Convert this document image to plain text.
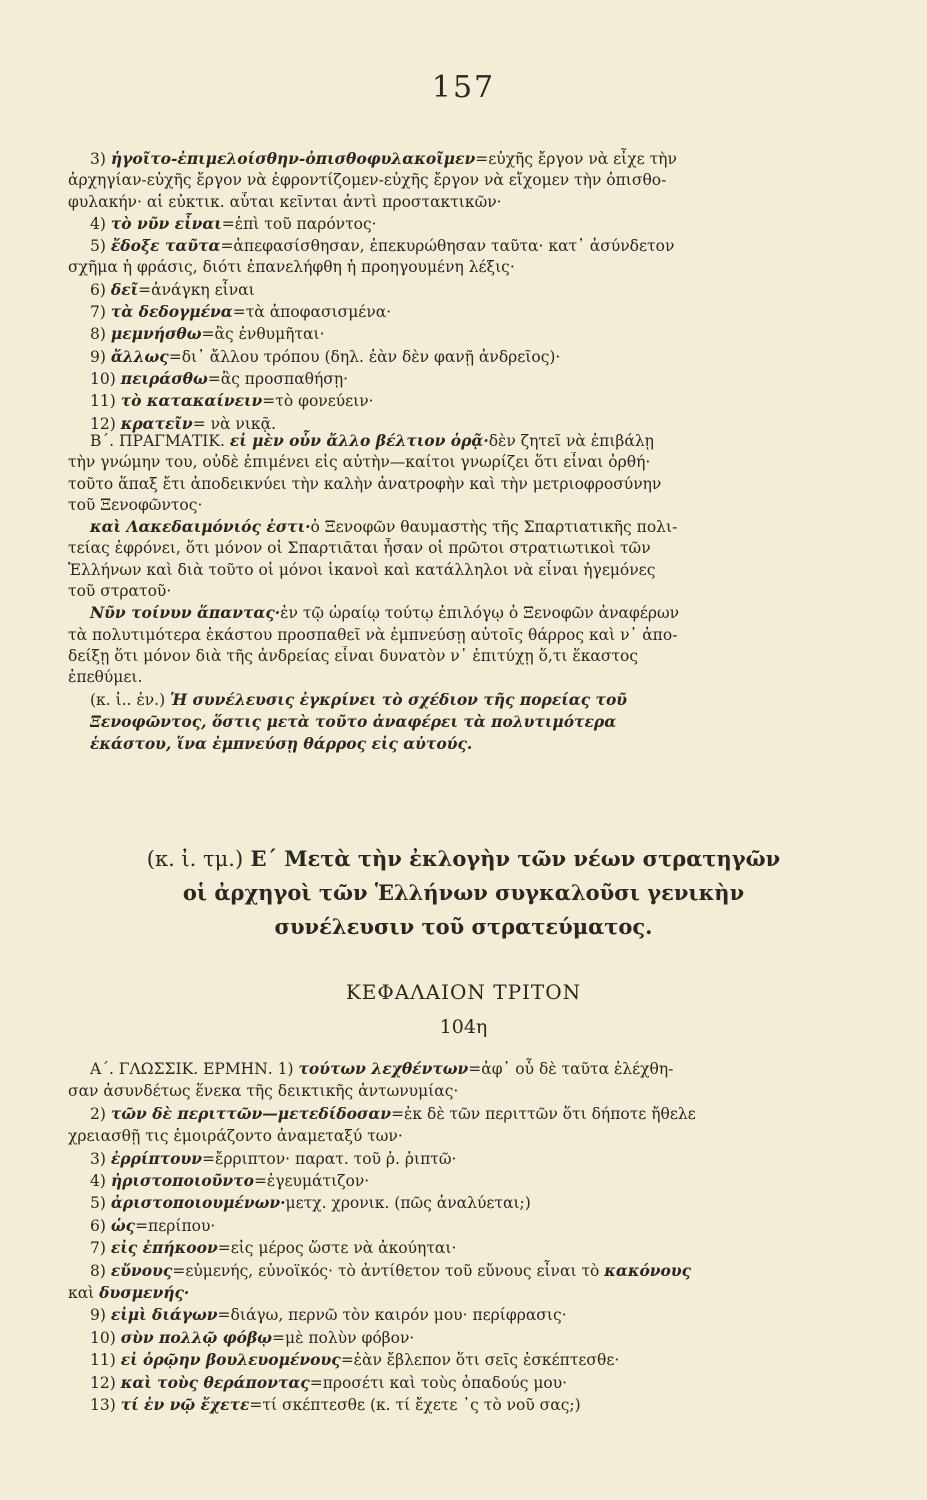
157
3) ἡγοῖτο-ἐπιμελοίσθην-ὀπισθοφυλακοῖμεν=εὐχῆς ἔργον νὰ εἶχε τὴν
ἀρχηγίαν-εὐχῆς ἔργον νὰ ἐφροντίζομεν-εὐχῆς ἔργον νὰ εἴχομεν τὴν ὀπισθο-
φυλακήν· αἱ εὐκτικ. αὗται κεῖνται ἀντὶ προστακτικῶν·
4) τὸ νῦν εἶναι=ἐπὶ τοῦ παρόντος·
5) ἔδοξε ταῦτα=ἀπεφασίσθησαν, ἐπεκυρώθησαν ταῦτα· κατ᾽ ἀσύνδετον
σχῆμα ἡ φράσις, διότι ἐπανελήφθη ἡ προηγουμένη λέξις·
6) δεῖ=ἀνάγκη εἶναι
7) τὰ δεδογμένα=τὰ ἀποφασισμένα·
8) μεμνήσθω=ἂς ἐνθυμῆται·
9) ἄλλως=δι᾽ ἄλλου τρόπου (δηλ. ἐὰν δὲν φανῇ ἀνδρεῖος)·
10) πειράσθω=ἂς προσπαθήσῃ·
11) τὸ κατακαίνειν=τὸ φονεύειν·
12) κρατεῖν= νὰ νικᾷ.
Β΄. ΠΡΑΓΜΑΤΙΚ. εἰ μὲν οὖν ἄλλο βέλτιον ὁρᾷ·δὲν ζητεῖ νὰ ἐπιβάλῃ
τὴν γνώμην του, οὐδὲ ἐπιμένει εἰς αὐτὴν—καίτοι γνωρίζει ὅτι εἶναι ὀρθή·
τοῦτο ἅπαξ ἔτι ἀποδεικνύει τὴν καλὴν ἀνατροφὴν καὶ τὴν μετριοφροσύνην
τοῦ Ξενοφῶντος·
καὶ Λακεδαιμόνιός ἐστι·ὁ Ξενοφῶν θαυμαστὴς τῆς Σπαρτιατικῆς πολι-
τείας ἐφρόνει, ὅτι μόνον οἱ Σπαρτιᾶται ἦσαν οἱ πρῶτοι στρατιωτικοὶ τῶν
Ἑλλήνων καὶ διὰ τοῦτο οἱ μόνοι ἱκανοὶ καὶ κατάλληλοι νὰ εἶναι ἡγεμόνες
τοῦ στρατοῦ·
Νῦν τοίνυν ἅπαντας·ἐν τῷ ὡραίῳ τούτῳ ἐπιλόγῳ ὁ Ξενοφῶν ἀναφέρων
τὰ πολυτιμότερα ἑκάστου προσπαθεῖ νὰ ἐμπνεύσῃ αὐτοῖς θάρρος καὶ ν᾽ ἀπο-
δείξῃ ὅτι μόνον διὰ τῆς ἀνδρείας εἶναι δυνατὸν ν᾽ ἐπιτύχῃ ὅ,τι ἕκαστος
ἐπεθύμει.
(κ. ἰ.. ἐν.) Ἡ συνέλευσις ἐγκρίνει τὸ σχέδιον τῆς πορείας τοῦ
Ξενοφῶντος, ὅστις μετὰ τοῦτο ἀναφέρει τὰ πολυτιμότερα
ἑκάστου, ἵνα ἐμπνεύσῃ θάρρος εἰς αὐτούς.
(κ. ἰ. τμ.) Ε΄ Μετὰ τὴν ἐκλογὴν τῶν νέων στρατηγῶν
οἱ ἀρχηγοὶ τῶν Ἑλλήνων συγκαλοῦσι γενικὴν
συνέλευσιν τοῦ στρατεύματος.
ΚΕΦΑΛΑΙΟΝ ΤΡΙΤΟΝ
104η
Α΄. ΓΛΩΣΣΙΚ. ΕΡΜΗΝ. 1) τούτων λεχθέντων=ἀφ᾽ οὗ δὲ ταῦτα ἐλέχθη-
σαν ἀσυνδέτως ἕνεκα τῆς δεικτικῆς ἀντωνυμίας·
2) τῶν δὲ περιττῶν—μετεδίδοσαν=ἐκ δὲ τῶν περιττῶν ὅτι δήποτε ἤθελε
χρειασθῇ τις ἐμοιράζοντο ἀναμεταξύ των·
3) ἐρρίπτουν=ἔρριπτον· παρατ. τοῦ ῥ. ῥιπτῶ·
4) ἠριστοποιοῦντο=ἐγευμάτιζον·
5) ἀριστοποιουμένων·μετχ. χρονικ. (πῶς ἀναλύεται;)
6) ὡς=περίπου·
7) εἰς ἐπήκοον=εἰς μέρος ὥστε νὰ ἀκούηται·
8) εὔνους=εὐμενής, εὐνοϊκός· τὸ ἀντίθετον τοῦ εὔνους εἶναι τὸ κακόνους
καὶ δυσμενής·
9) εἰμὶ διάγων=διάγω, περνῶ τὸν καιρόν μου· περίφρασις·
10) σὺν πολλῷ φόβῳ=μὲ πολὺν φόβον·
11) εἰ ὁρῷην βουλευομένους=ἐὰν ἔβλεπον ὅτι σεῖς ἐσκέπτεσθε·
12) καὶ τοὺς θεράποντας=προσέτι καὶ τοὺς ὀπαδούς μου·
13) τί ἐν νῷ ἔχετε=τί σκέπτεσθε (κ. τί ἔχετε ᾽ς τὸ νοῦ σας;)
